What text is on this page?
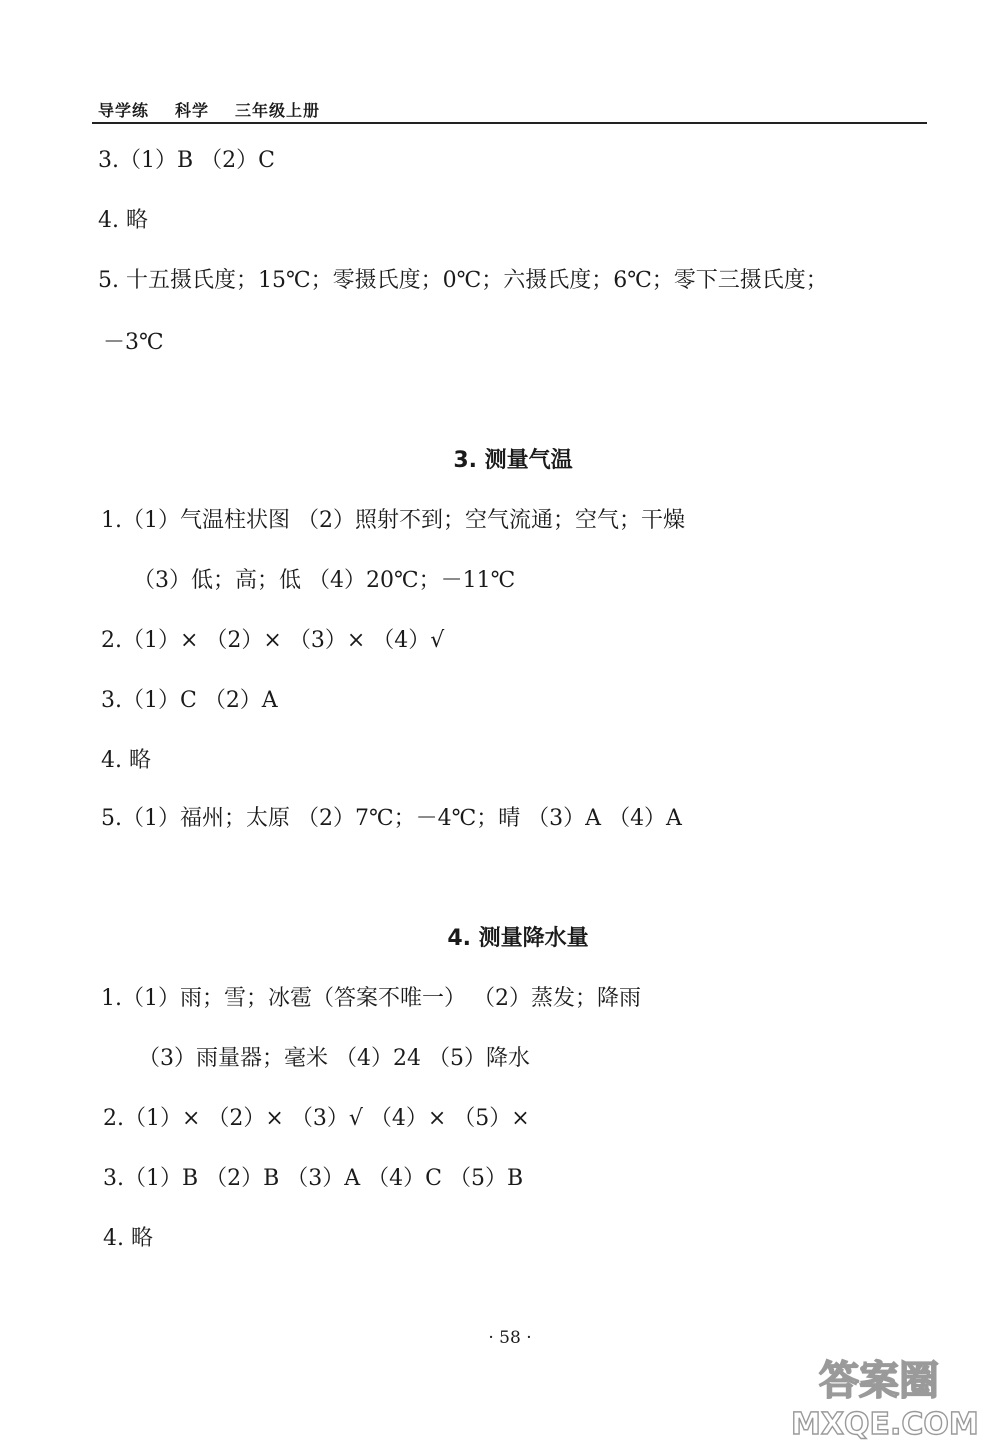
导学练 科学 三年级上册
3.（1）B （2）C
4. 略
5. 十五摄氏度；15℃；零摄氏度；0℃；六摄氏度；6℃；零下三摄氏度；
－3℃
3. 测量气温
1.（1）气温柱状图 （2）照射不到；空气流通；空气；干燥
（3）低；高；低 （4）20℃；－11℃
2.（1）× （2）× （3）× （4）√
3.（1）C （2）A
4. 略
5.（1）福州；太原 （2）7℃；－4℃；晴 （3）A （4）A
4. 测量降水量
1.（1）雨；雪；冰雹（答案不唯一） （2）蒸发；降雨
（3）雨量器；毫米 （4）24 （5）降水
2.（1）× （2）× （3）√ （4）× （5）×
3.（1）B （2）B （3）A （4）C （5）B
4. 略
· 58 ·
答案圈
MXQE.COM
